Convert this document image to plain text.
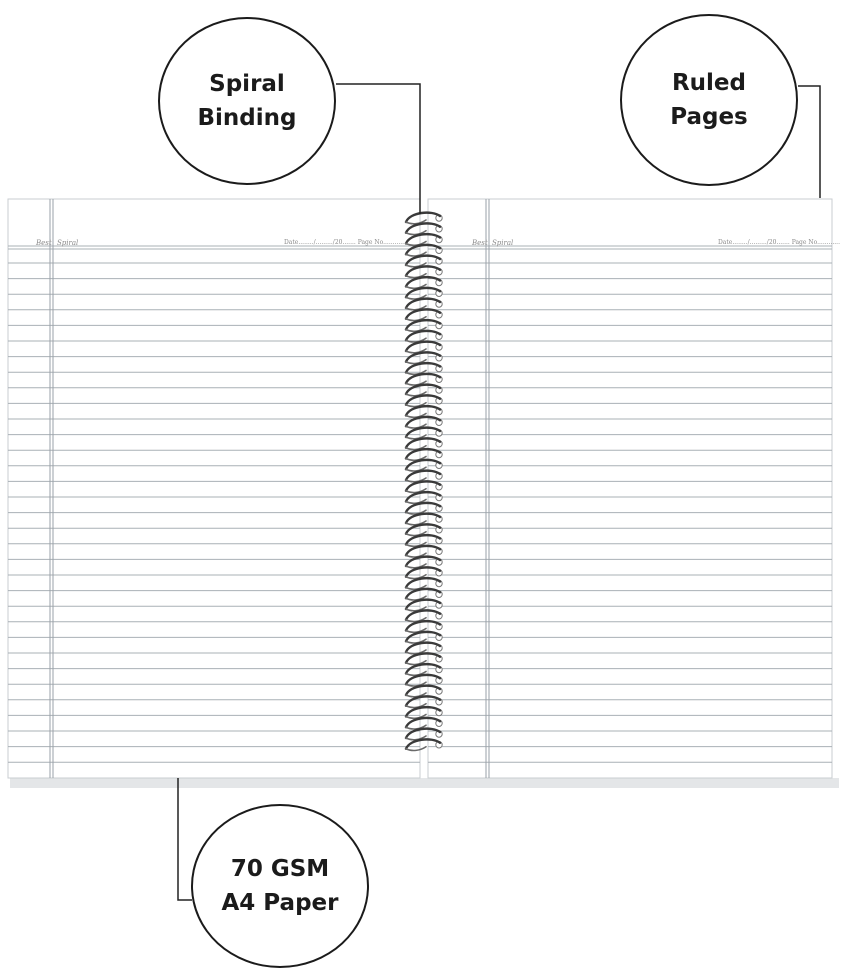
Best Spiral	Date......../........./20....... Page No............	Best Spiral	Date......../........./20....... Page No............
Spiral
Binding
Ruled
Pages
70 GSM
A4 Paper
